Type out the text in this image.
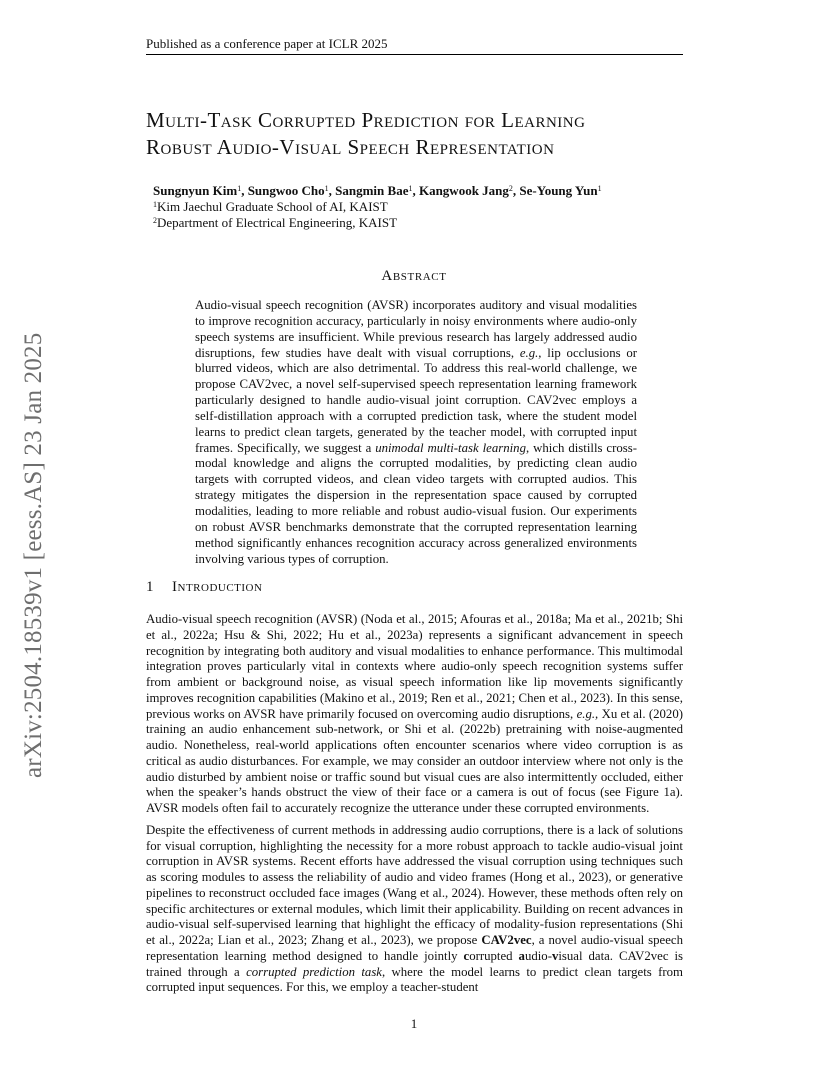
Published as a conference paper at ICLR 2025
arXiv:2504.18539v1 [eess.AS] 23 Jan 2025
Multi-Task Corrupted Prediction for Learning
Robust Audio-Visual Speech Representation
Sungnyun Kim$^1$, Sungwoo Cho$^1$, Sangmin Bae$^1$, Kangwook Jang$^2$, Se-Young Yun$^1$
$^1$Kim Jaechul Graduate School of AI, KAIST
$^2$Department of Electrical Engineering, KAIST
Abstract
Audio-visual speech recognition (AVSR) incorporates auditory and visual modalities to improve recognition accuracy, particularly in noisy environments where audio-only speech systems are insufficient. While previous research has largely addressed audio disruptions, few studies have dealt with visual corruptions, e.g., lip occlusions or blurred videos, which are also detrimental. To address this real-world challenge, we propose CAV2vec, a novel self-supervised speech representation learning framework particularly designed to handle audio-visual joint corruption. CAV2vec employs a self-distillation approach with a corrupted prediction task, where the student model learns to predict clean targets, generated by the teacher model, with corrupted input frames. Specifically, we suggest a unimodal multi-task learning, which distills cross-modal knowledge and aligns the corrupted modalities, by predicting clean audio targets with corrupted videos, and clean video targets with corrupted audios. This strategy mitigates the dispersion in the representation space caused by corrupted modalities, leading to more reliable and robust audio-visual fusion. Our experiments on robust AVSR benchmarks demonstrate that the corrupted representation learning method significantly enhances recognition accuracy across generalized environments involving various types of corruption.
1 Introduction

Audio-visual speech recognition (AVSR) (Noda et al., 2015; Afouras et al., 2018a; Ma et al., 2021b; Shi et al., 2022a; Hsu & Shi, 2022; Hu et al., 2023a) represents a significant advancement in speech recognition by integrating both auditory and visual modalities to enhance performance. This multimodal integration proves particularly vital in contexts where audio-only speech recognition systems suffer from ambient or background noise, as visual speech information like lip movements significantly improves recognition capabilities (Makino et al., 2019; Ren et al., 2021; Chen et al., 2023). In this sense, previous works on AVSR have primarily focused on overcoming audio disruptions, e.g., Xu et al. (2020) training an audio enhancement sub-network, or Shi et al. (2022b) pretraining with noise-augmented audio. Nonetheless, real-world applications often encounter scenarios where video corruption is as critical as audio disturbances. For example, we may consider an outdoor interview where not only is the audio disturbed by ambient noise or traffic sound but visual cues are also intermittently occluded, either when the speaker’s hands obstruct the view of their face or a camera is out of focus (see Figure 1a). AVSR models often fail to accurately recognize the utterance under these corrupted environments.

Despite the effectiveness of current methods in addressing audio corruptions, there is a lack of solutions for visual corruption, highlighting the necessity for a more robust approach to tackle audio-visual joint corruption in AVSR systems. Recent efforts have addressed the visual corruption using techniques such as scoring modules to assess the reliability of audio and video frames (Hong et al., 2023), or generative pipelines to reconstruct occluded face images (Wang et al., 2024). However, these methods often rely on specific architectures or external modules, which limit their applicability. Building on recent advances in audio-visual self-supervised learning that highlight the efficacy of modality-fusion representations (Shi et al., 2022a; Lian et al., 2023; Zhang et al., 2023), we propose CAV2vec, a novel audio-visual speech representation learning method designed to handle jointly corrupted audio-visual data. CAV2vec is trained through a corrupted prediction task, where the model learns to predict clean targets from corrupted input sequences. For this, we employ a teacher-student

1
